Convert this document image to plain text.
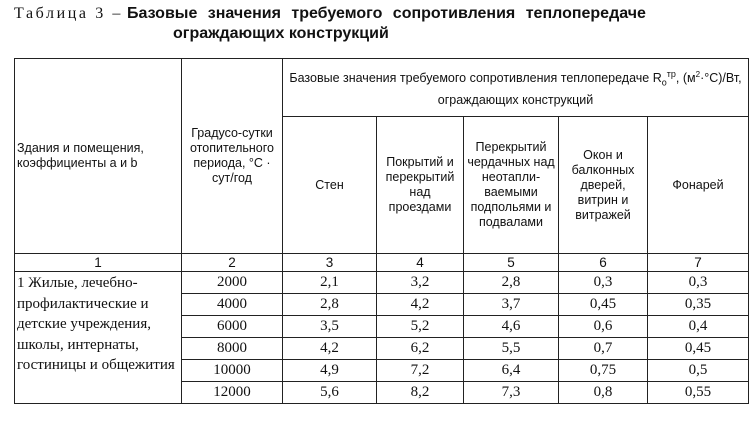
Таблица 3 – Базовые значения требуемого сопротивления теплопередаче
ограждающих конструкций
Здания и помещения, коэффициенты a и b	Градусо-сутки отопительного периода, °С · сут/год	Базовые значения требуемого сопротивления теплопередаче $R_о^{тр}$, $(м^2\cdot^\circ С)/Вт$, ограждающих конструкций				
		Стен	Покрытий и перекрытий над проездами	Перекрытий чердачных над неотапли-ваемыми подпольями и подвалами	Окон и балконных дверей, витрин и витражей	Фонарей
1	2	3	4	5	6	7
1 Жилые, лечебно-профилактические и детские учреждения, школы, интернаты, гостиницы и общежития	2000	2,1	3,2	2,8	0,3	0,3
	4000	2,8	4,2	3,7	0,45	0,35
	6000	3,5	5,2	4,6	0,6	0,4
	8000	4,2	6,2	5,5	0,7	0,45
	10000	4,9	7,2	6,4	0,75	0,5
	12000	5,6	8,2	7,3	0,8	0,55
